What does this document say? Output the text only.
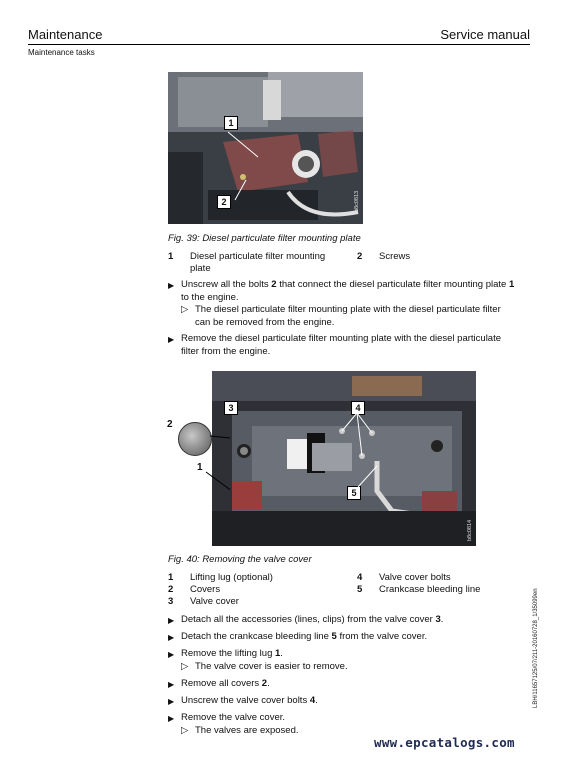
Maintenance	Service manual
Maintenance tasks
1
2	b8c0813
Fig. 39: Diesel particulate filter mounting plate
1 Diesel particulate filter mounting plate
2 Screws
▶ Unscrew all the bolts 2 that connect the diesel particulate filter mounting plate 1 to the engine.
▷ The diesel particulate filter mounting plate with the diesel particulate filter can be removed from the engine.
▶ Remove the diesel particulate filter mounting plate with the diesel particulate filter from the engine.
3	4
5
b8c0814
2
1
Fig. 40: Removing the valve cover
1 Lifting lug (optional)
2 Covers
3 Valve cover
4 Valve cover bolts
5 Crankcase bleeding line
▶ Detach all the accessories (lines, clips) from the valve cover 3.
▶ Detach the crankcase bleeding line 5 from the valve cover.
▶ Remove the lifting lug 1.
▷ The valve cover is easier to remove.
▶ Remove all covers 2.
▶ Unscrew the valve cover bolts 4.
▶ Remove the valve cover.
▷ The valves are exposed.
LBH/11657125/07/211-20160728_1/35099en
www.epcatalogs.com
